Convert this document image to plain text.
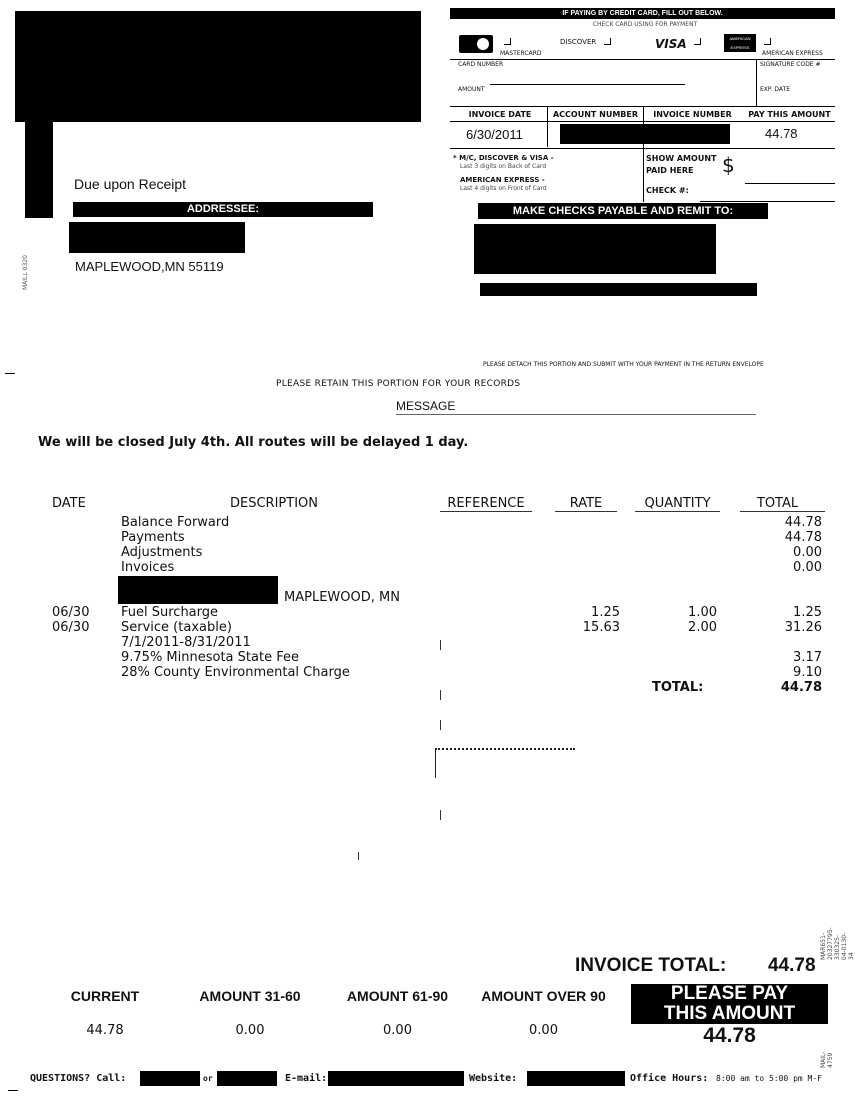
Due upon Receipt
ADDRESSEE:
MAPLEWOOD,MN 55119
MAILL 0320
IF PAYING BY CREDIT CARD, FILL OUT BELOW.
CHECK CARD USING FOR PAYMENT
MASTERCARD
DISCOVER	VISA	AMERICAN EXPRESS
AMERICAN EXPRESS
CARD NUMBER	SIGNATURE CODE #
AMOUNT	EXP. DATE
INVOICE DATE	ACCOUNT NUMBER	INVOICE NUMBER	PAY THIS AMOUNT
6/30/2011	44.78
* M/C, DISCOVER & VISA -
Last 3 digits on Back of Card
AMERICAN EXPRESS -
Last 4 digits on Front of Card
SHOW AMOUNT
PAID HERE $
CHECK #:
MAKE CHECKS PAYABLE AND REMIT TO:
PLEASE DETACH THIS PORTION AND SUBMIT WITH YOUR PAYMENT IN THE RETURN ENVELOPE
PLEASE RETAIN THIS PORTION FOR YOUR RECORDS
MESSAGE
We will be closed July 4th. All routes will be delayed 1 day.
DATE	DESCRIPTION	REFERENCE	RATE	QUANTITY	TOTAL
Balance Forward	44.78
Payments	44.78
Adjustments	0.00
Invoices	0.00
MAPLEWOOD, MN
06/30 Fuel Surcharge	1.25	1.00	1.25
06/30 Service (taxable)	15.63	2.00	31.26
7/1/2011-8/31/2011
9.75% Minnesota State Fee	3.17
28% County Environmental Charge	9.10
TOTAL:	44.78
INVOICE TOTAL: 44.78
CURRENT	AMOUNT 31-60	AMOUNT 61-90	AMOUNT OVER 90
44.78	0.00	0.00	0.00
PLEASE PAY
THIS AMOUNT
44.78
QUESTIONS? Call:	or	E-mail:	Website:	Office Hours: 8:00 am to 5:00 pm M-F
MAR651-20327795-330325-04-0130-34
MAIL-4759
